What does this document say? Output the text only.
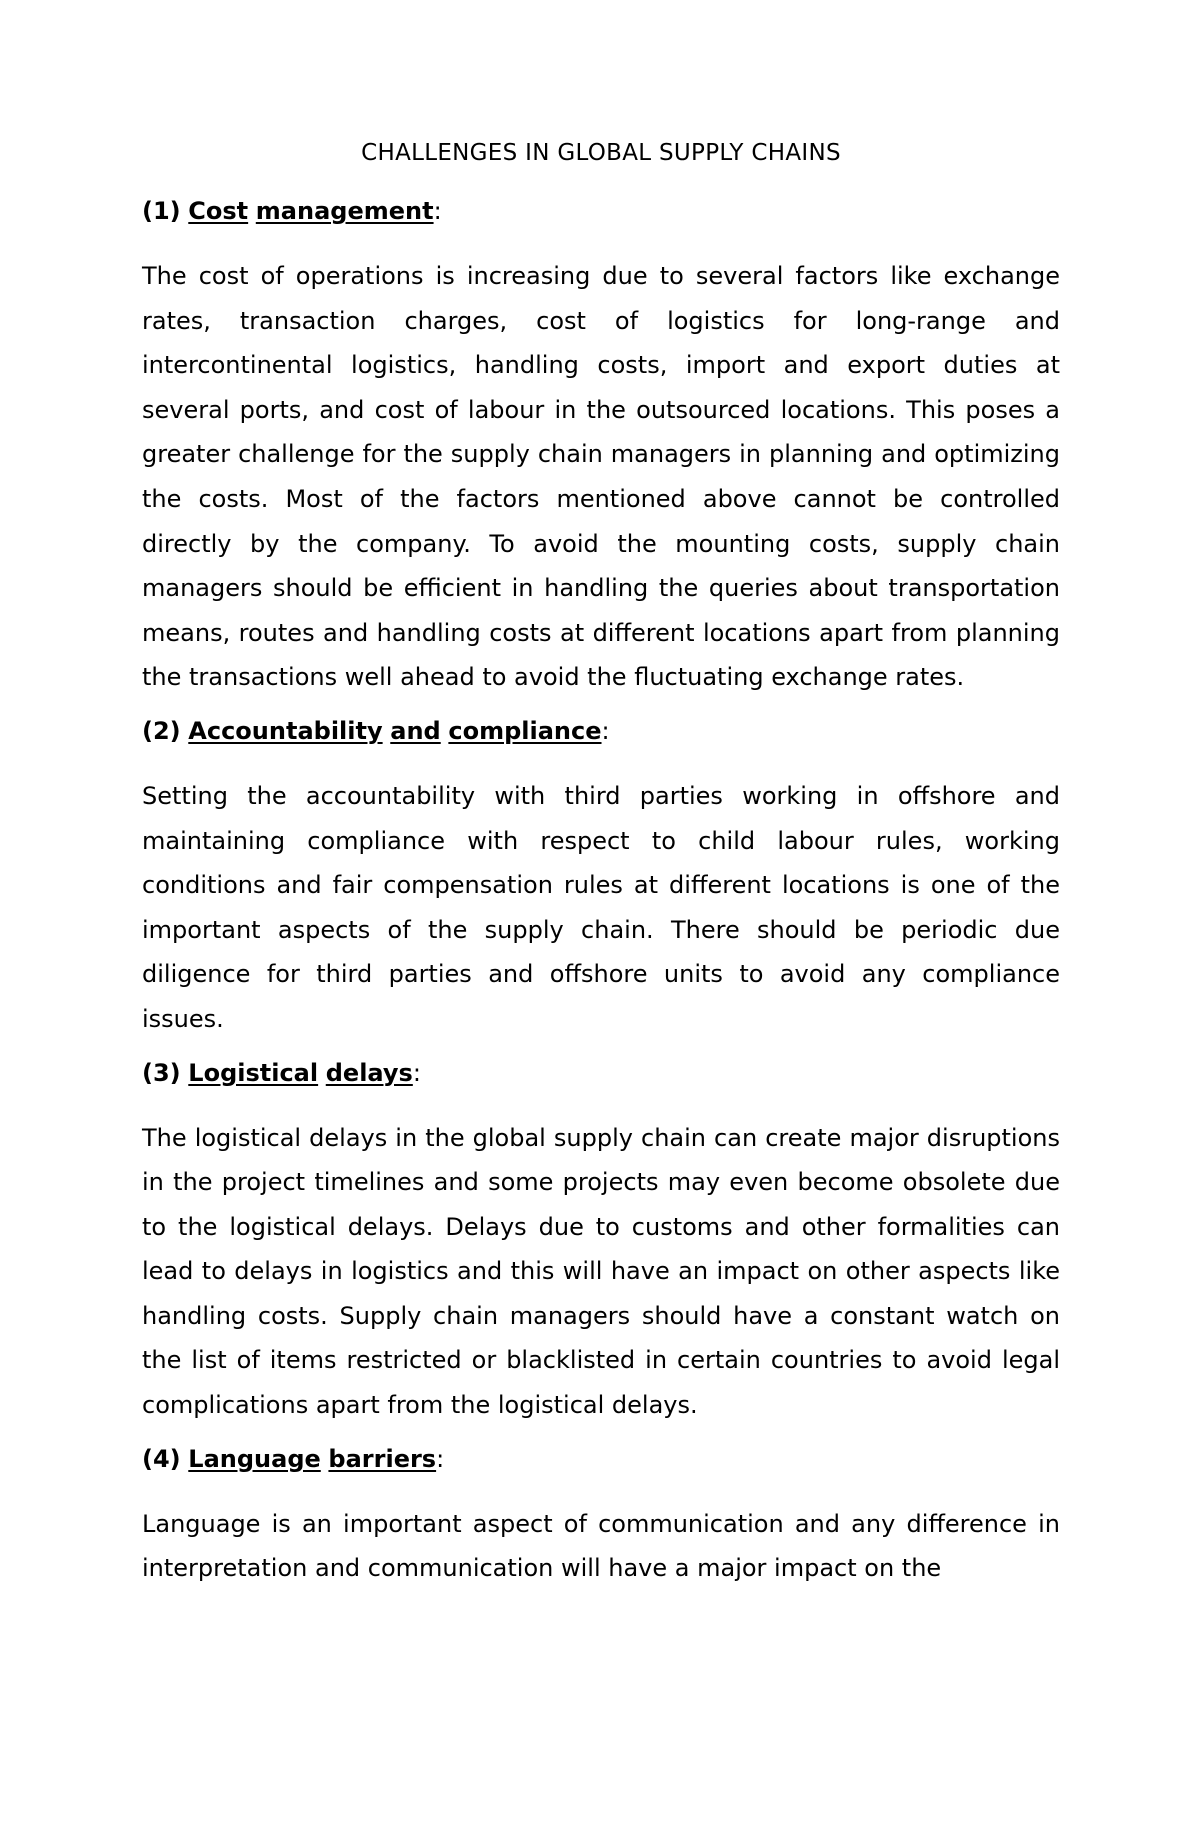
CHALLENGES IN GLOBAL SUPPLY CHAINS
(1) Cost management:

The cost of operations is increasing due to several factors like exchange rates, transaction charges, cost of logistics for long-range and intercontinental logistics, handling costs, import and export duties at several ports, and cost of labour in the outsourced locations. This poses a greater challenge for the supply chain managers in planning and optimizing the costs. Most of the factors mentioned above cannot be controlled directly by the company. To avoid the mounting costs, supply chain managers should be efficient in handling the queries about transportation means, routes and handling costs at different locations apart from planning the transactions well ahead to avoid the fluctuating exchange rates.

(2) Accountability and compliance:

Setting the accountability with third parties working in offshore and maintaining compliance with respect to child labour rules, working conditions and fair compensation rules at different locations is one of the important aspects of the supply chain. There should be periodic due diligence for third parties and offshore units to avoid any compliance issues.

(3) Logistical delays:

The logistical delays in the global supply chain can create major disruptions in the project timelines and some projects may even become obsolete due to the logistical delays. Delays due to customs and other formalities can lead to delays in logistics and this will have an impact on other aspects like handling costs. Supply chain managers should have a constant watch on the list of items restricted or blacklisted in certain countries to avoid legal complications apart from the logistical delays.

(4) Language barriers:

Language is an important aspect of communication and any difference in interpretation and communication will have a major impact on the
